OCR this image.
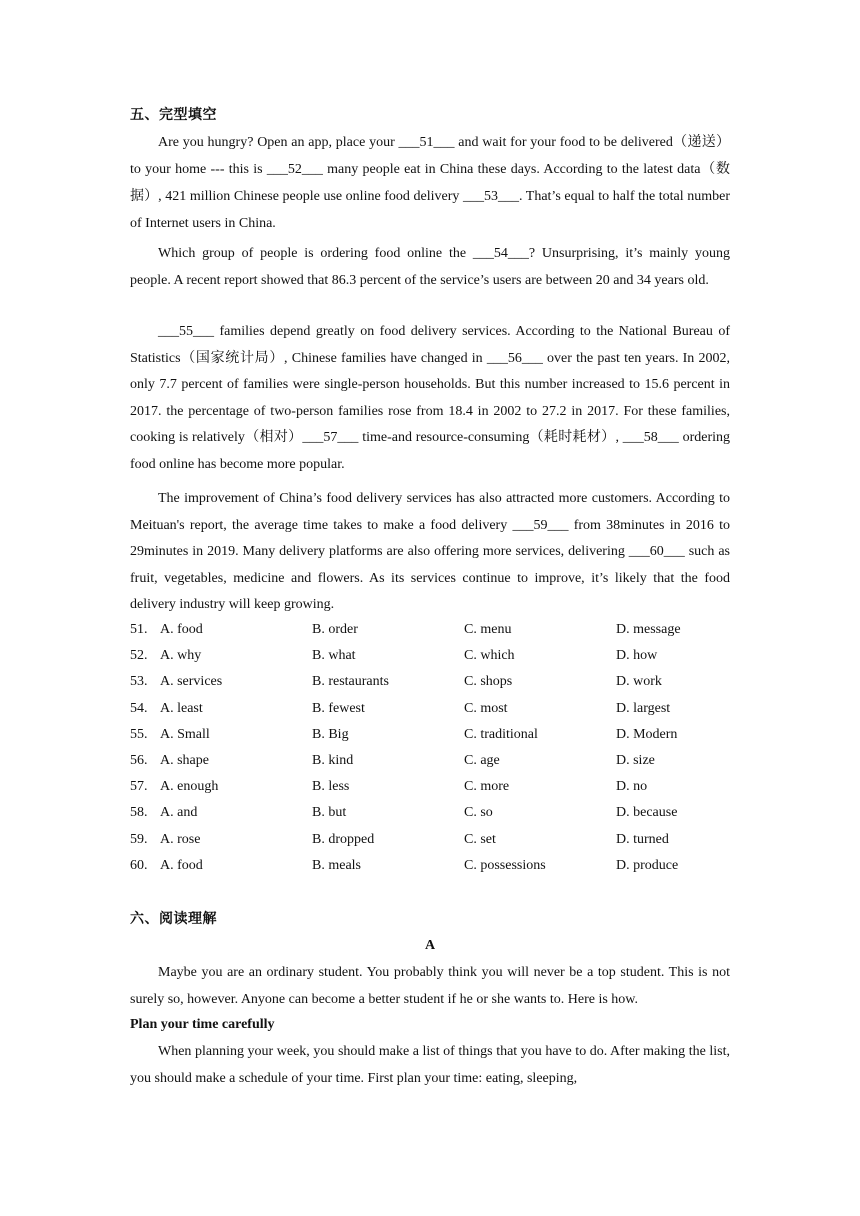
五、完型填空

Are you hungry? Open an app, place your ___51___ and wait for your food to be delivered（递送）to your home --- this is ___52___ many people eat in China these days. According to the latest data（数据）, 421 million Chinese people use online food delivery ___53___. That’s equal to half the total number of Internet users in China.

Which group of people is ordering food online the ___54___? Unsurprising, it’s mainly young people. A recent report showed that 86.3 percent of the service’s users are between 20 and 34 years old.

___55___ families depend greatly on food delivery services. According to the National Bureau of Statistics（国家统计局）, Chinese families have changed in ___56___ over the past ten years. In 2002, only 7.7 percent of families were single-person households. But this number increased to 15.6 percent in 2017. the percentage of two-person families rose from 18.4 in 2002 to 27.2 in 2017. For these families, cooking is relatively（相对）___57___ time-and resource-consuming（耗时耗材）, ___58___ ordering food online has become more popular.

The improvement of China’s food delivery services has also attracted more customers. According to Meituan's report, the average time takes to make a food delivery ___59___ from 38minutes in 2016 to 29minutes in 2019. Many delivery platforms are also offering more services, delivering ___60___ such as fruit, vegetables, medicine and flowers. As its services continue to improve, it’s likely that the food delivery industry will keep growing.

51. A. food	B. order	C. menu	D. message
52. A. why	B. what	C. which	D. how
53. A. services	B. restaurants	C. shops	D. work
54. A. least	B. fewest	C. most	D. largest
55. A. Small	B. Big	C. traditional	D. Modern
56. A. shape	B. kind	C. age	D. size
57. A. enough	B. less	C. more	D. no
58. A. and	B. but	C. so	D. because
59. A. rose	B. dropped	C. set	D. turned
60. A. food	B. meals	C. possessions	D. produce
六、阅读理解
A

Maybe you are an ordinary student. You probably think you will never be a top student. This is not surely so, however. Anyone can become a better student if he or she wants to. Here is how.

Plan your time carefully

When planning your week, you should make a list of things that you have to do. After making the list, you should make a schedule of your time. First plan your time: eating, sleeping,
